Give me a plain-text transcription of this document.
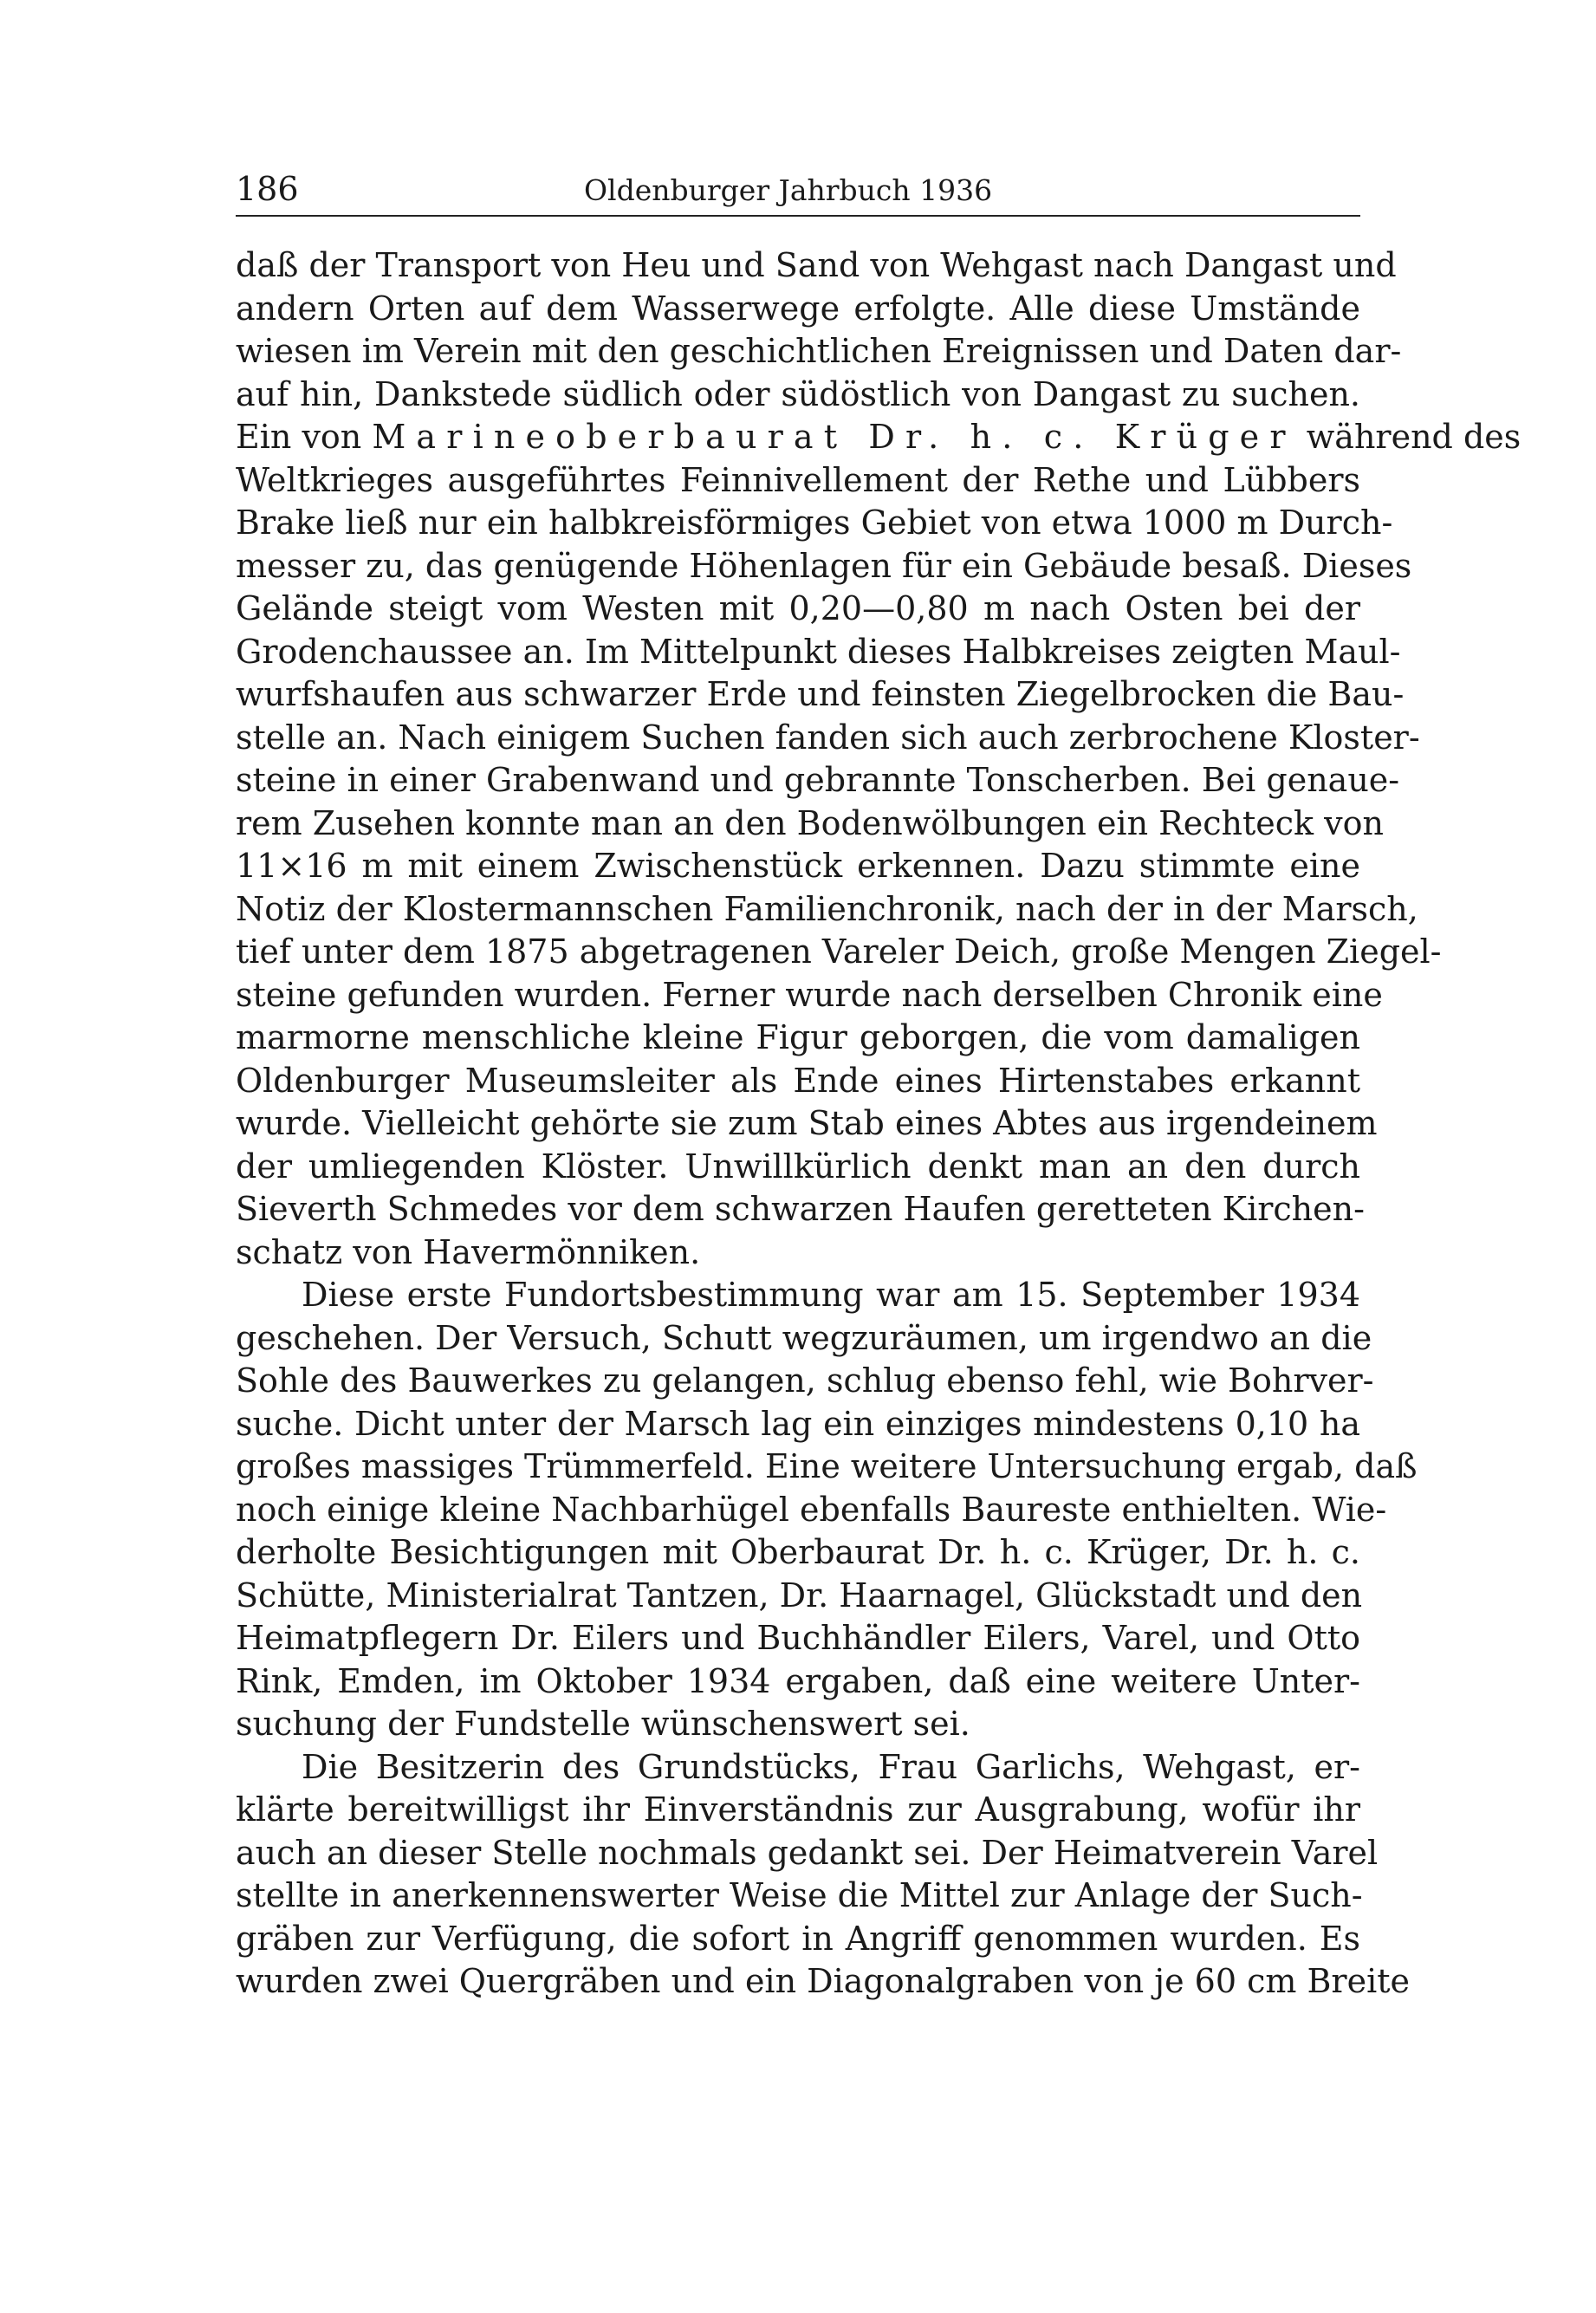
186	Oldenburger Jahrbuch 1936
daß der Transport von Heu und Sand von Wehgast nach Dangast und
andern Orten auf dem Wasserwege erfolgte. Alle diese Umstände
wiesen im Verein mit den geschichtlichen Ereignissen und Daten dar-
auf hin, Dankstede südlich oder südöstlich von Dangast zu suchen.
Ein von Marineoberbaurat Dr. h. c. Krüger während des
Weltkrieges ausgeführtes Feinnivellement der Rethe und Lübbers
Brake ließ nur ein halbkreisförmiges Gebiet von etwa 1000 m Durch-
messer zu, das genügende Höhenlagen für ein Gebäude besaß. Dieses
Gelände steigt vom Westen mit 0,20—0,80 m nach Osten bei der
Grodenchaussee an. Im Mittelpunkt dieses Halbkreises zeigten Maul-
wurfshaufen aus schwarzer Erde und feinsten Ziegelbrocken die Bau-
stelle an. Nach einigem Suchen fanden sich auch zerbrochene Kloster-
steine in einer Grabenwand und gebrannte Tonscherben. Bei genaue-
rem Zusehen konnte man an den Bodenwölbungen ein Rechteck von
11×16 m mit einem Zwischenstück erkennen. Dazu stimmte eine
Notiz der Klostermannschen Familienchronik, nach der in der Marsch,
tief unter dem 1875 abgetragenen Vareler Deich, große Mengen Ziegel-
steine gefunden wurden. Ferner wurde nach derselben Chronik eine
marmorne menschliche kleine Figur geborgen, die vom damaligen
Oldenburger Museumsleiter als Ende eines Hirtenstabes erkannt
wurde. Vielleicht gehörte sie zum Stab eines Abtes aus irgendeinem
der umliegenden Klöster. Unwillkürlich denkt man an den durch
Sieverth Schmedes vor dem schwarzen Haufen geretteten Kirchen-
schatz von Havermönniken.
Diese erste Fundortsbestimmung war am 15. September 1934
geschehen. Der Versuch, Schutt wegzuräumen, um irgendwo an die
Sohle des Bauwerkes zu gelangen, schlug ebenso fehl, wie Bohrver-
suche. Dicht unter der Marsch lag ein einziges mindestens 0,10 ha
großes massiges Trümmerfeld. Eine weitere Untersuchung ergab, daß
noch einige kleine Nachbarhügel ebenfalls Baureste enthielten. Wie-
derholte Besichtigungen mit Oberbaurat Dr. h. c. Krüger, Dr. h. c.
Schütte, Ministerialrat Tantzen, Dr. Haarnagel, Glückstadt und den
Heimatpflegern Dr. Eilers und Buchhändler Eilers, Varel, und Otto
Rink, Emden, im Oktober 1934 ergaben, daß eine weitere Unter-
suchung der Fundstelle wünschenswert sei.
Die Besitzerin des Grundstücks, Frau Garlichs, Wehgast, er-
klärte bereitwilligst ihr Einverständnis zur Ausgrabung, wofür ihr
auch an dieser Stelle nochmals gedankt sei. Der Heimatverein Varel
stellte in anerkennenswerter Weise die Mittel zur Anlage der Such-
gräben zur Verfügung, die sofort in Angriff genommen wurden. Es
wurden zwei Quergräben und ein Diagonalgraben von je 60 cm Breite
